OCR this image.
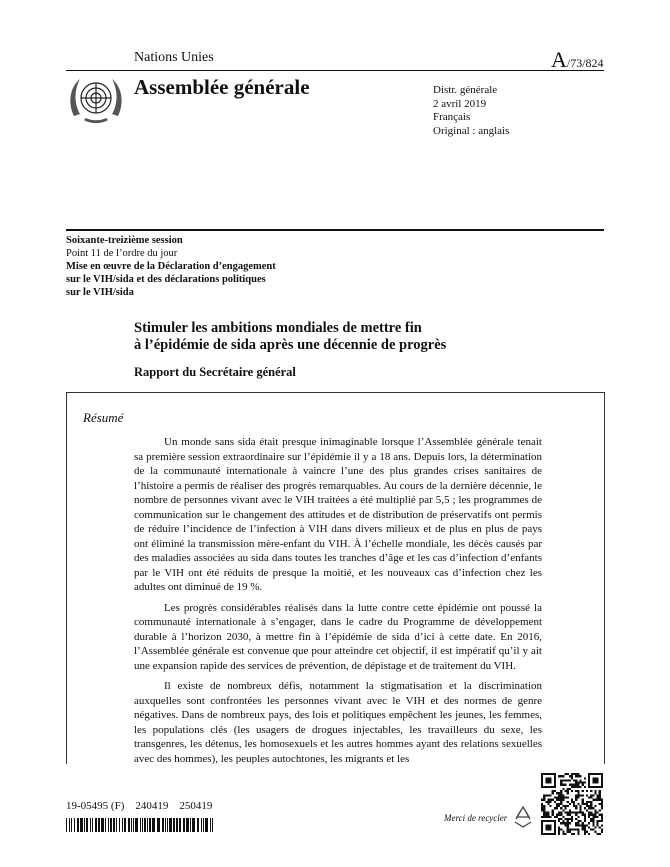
Nations Unies	A/73/824
Assemblée générale	Distr. générale
2 avril 2019
Français
Original : anglais
Soixante-treizième session
Point 11 de l’ordre du jour
Mise en œuvre de la Déclaration d’engagement
sur le VIH/sida et des déclarations politiques
sur le VIH/sida
Stimuler les ambitions mondiales de mettre fin
à l’épidémie de sida après une décennie de progrès
Rapport du Secrétaire général
Résumé

Un monde sans sida était presque inimaginable lorsque l’Assemblée générale tenait sa première session extraordinaire sur l’épidémie il y a 18 ans. Depuis lors, la détermination de la communauté internationale à vaincre l’une des plus grandes crises sanitaires de l’histoire a permis de réaliser des progrès remarquables. Au cours de la dernière décennie, le nombre de personnes vivant avec le VIH traitées a été multiplié par 5,5 ; les programmes de communication sur le changement des attitudes et de distribution de préservatifs ont permis de réduire l’incidence de l’infection à VIH dans divers milieux et de plus en plus de pays ont éliminé la transmission mère-enfant du VIH. À l’échelle mondiale, les décès causés par des maladies associées au sida dans toutes les tranches d’âge et les cas d’infection d’enfants par le VIH ont été réduits de presque la moitié, et les nouveaux cas d’infection chez les adultes ont diminué de 19 %.

Les progrès considérables réalisés dans la lutte contre cette épidémie ont poussé la communauté internationale à s’engager, dans le cadre du Programme de développement durable à l’horizon 2030, à mettre fin à l’épidémie de sida d’ici à cette date. En 2016, l’Assemblée générale est convenue que pour atteindre cet objectif, il est impératif qu’il y ait une expansion rapide des services de prévention, de dépistage et de traitement du VIH.

Il existe de nombreux défis, notamment la stigmatisation et la discrimination auxquelles sont confrontées les personnes vivant avec le VIH et des normes de genre négatives. Dans de nombreux pays, des lois et politiques empêchent les jeunes, les femmes, les populations clés (les usagers de drogues injectables, les travailleurs du sexe, les transgenres, les détenus, les homosexuels et les autres hommes ayant des relations sexuelles avec des hommes), les peuples autochtones, les migrants et les

19-05495 (F)    240419    250419
Merci de recycler
